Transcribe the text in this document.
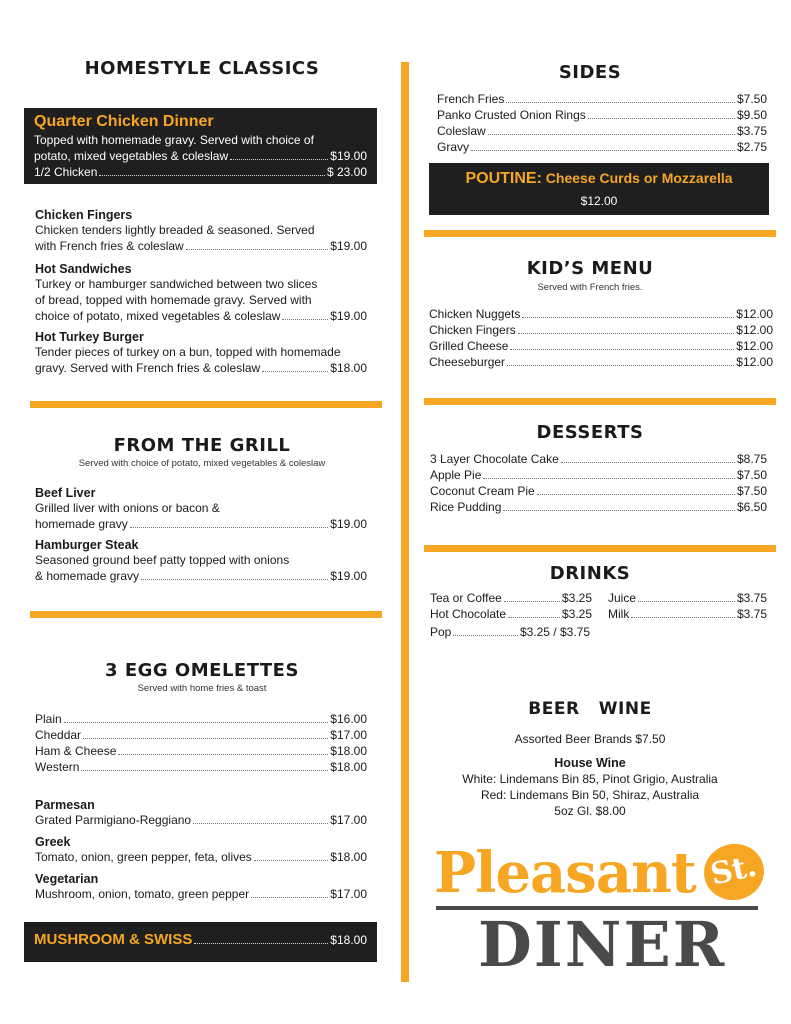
HOMESTYLE CLASSICS
Quarter Chicken Dinner
Topped with homemade gravy. Served with choice of
potato, mixed vegetables & coleslaw	$19.00
1/2 Chicken	$ 23.00
Chicken Fingers
Chicken tenders lightly breaded & seasoned. Served
with French fries & coleslaw	$19.00
Hot Sandwiches
Turkey or hamburger sandwiched between two slices
of bread, topped with homemade gravy. Served with
choice of potato, mixed vegetables & coleslaw	$19.00
Hot Turkey Burger
Tender pieces of turkey on a bun, topped with homemade
gravy. Served with French fries & coleslaw	$18.00
FROM THE GRILL
Served with choice of potato, mixed vegetables & coleslaw
Beef Liver
Grilled liver with onions or bacon &
homemade gravy	$19.00
Hamburger Steak
Seasoned ground beef patty topped with onions
& homemade gravy	$19.00
3 EGG OMELETTES
Served with home fries & toast
Plain	$16.00
Cheddar	$17.00
Ham & Cheese	$18.00
Western	$18.00
Parmesan
Grated Parmigiano-Reggiano	$17.00
Greek
Tomato, onion, green pepper, feta, olives	$18.00
Vegetarian
Mushroom, onion, tomato, green pepper	$17.00
MUSHROOM & SWISS	$18.00
SIDES
French Fries	$7.50
Panko Crusted Onion Rings	$9.50
Coleslaw	$3.75
Gravy	$2.75
POUTINE: Cheese Curds or Mozzarella
$12.00
KID’S MENU
Served with French fries.
Chicken Nuggets	$12.00
Chicken Fingers	$12.00
Grilled Cheese	$12.00
Cheeseburger	$12.00
DESSERTS
3 Layer Chocolate Cake	$8.75
Apple Pie	$7.50
Coconut Cream Pie	$7.50
Rice Pudding	$6.50
DRINKS
Tea or Coffee	$3.25
Hot Chocolate	$3.25
Juice	$3.75
Milk	$3.75
Pop	$3.25 / $3.75
BEER   WINE
Assorted Beer Brands $7.50
House Wine
White: Lindemans Bin 85, Pinot Grigio, Australia
Red: Lindemans Bin 50, Shiraz, Australia
5oz Gl. $8.00
Pleasant St.
DINER
